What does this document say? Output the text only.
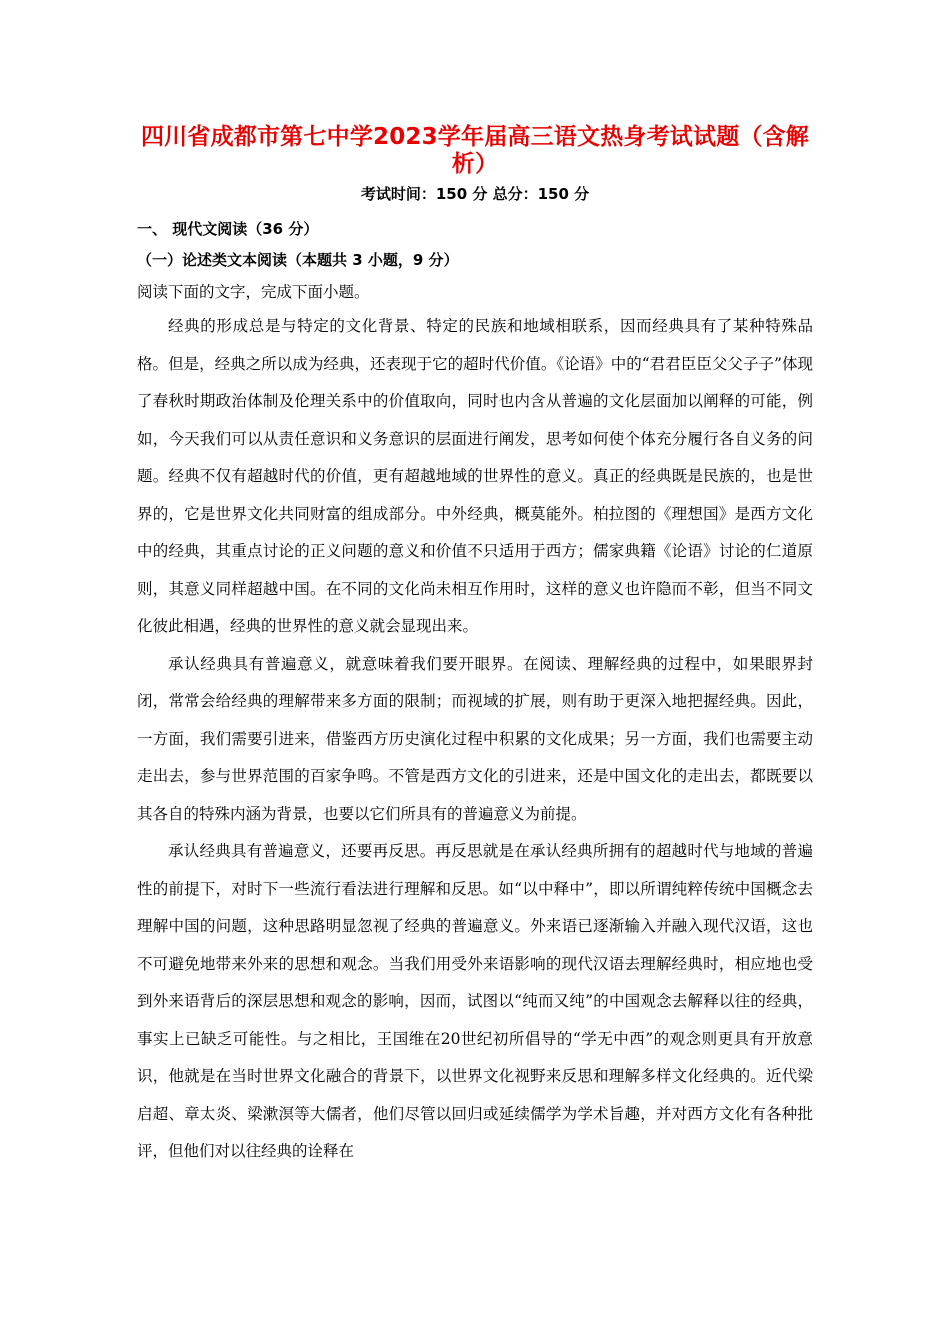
四川省成都市第七中学2023学年届高三语文热身考试试题（含解析）
考试时间：150 分 总分：150 分
一、 现代文阅读（36 分）
（一）论述类文本阅读（本题共 3 小题，9 分）
阅读下面的文字，完成下面小题。

经典的形成总是与特定的文化背景、特定的民族和地域相联系，因而经典具有了某种特殊品格。但是，经典之所以成为经典，还表现于它的超时代价值。《论语》中的“君君臣臣父父子子”体现了春秋时期政治体制及伦理关系中的价值取向，同时也内含从普遍的文化层面加以阐释的可能，例如，今天我们可以从责任意识和义务意识的层面进行阐发，思考如何使个体充分履行各自义务的问题。经典不仅有超越时代的价值，更有超越地域的世界性的意义。真正的经典既是民族的，也是世界的，它是世界文化共同财富的组成部分。中外经典，概莫能外。柏拉图的《理想国》是西方文化中的经典，其重点讨论的正义问题的意义和价值不只适用于西方；儒家典籍《论语》讨论的仁道原则，其意义同样超越中国。在不同的文化尚未相互作用时，这样的意义也许隐而不彰，但当不同文化彼此相遇，经典的世界性的意义就会显现出来。

承认经典具有普遍意义，就意味着我们要开眼界。在阅读、理解经典的过程中，如果眼界封闭，常常会给经典的理解带来多方面的限制；而视域的扩展，则有助于更深入地把握经典。因此，一方面，我们需要引进来，借鉴西方历史演化过程中积累的文化成果；另一方面，我们也需要主动走出去，参与世界范围的百家争鸣。不管是西方文化的引进来，还是中国文化的走出去，都既要以其各自的特殊内涵为背景，也要以它们所具有的普遍意义为前提。

承认经典具有普遍意义，还要再反思。再反思就是在承认经典所拥有的超越时代与地域的普遍性的前提下，对时下一些流行看法进行理解和反思。如“以中释中”，即以所谓纯粹传统中国概念去理解中国的问题，这种思路明显忽视了经典的普遍意义。外来语已逐渐输入并融入现代汉语，这也不可避免地带来外来的思想和观念。当我们用受外来语影响的现代汉语去理解经典时，相应地也受到外来语背后的深层思想和观念的影响，因而，试图以“纯而又纯”的中国观念去解释以往的经典，事实上已缺乏可能性。与之相比，王国维在20世纪初所倡导的“学无中西”的观念则更具有开放意识，他就是在当时世界文化融合的背景下，以世界文化视野来反思和理解多样文化经典的。近代梁启超、章太炎、梁漱溟等大儒者，他们尽管以回归或延续儒学为学术旨趣，并对西方文化有各种批评，但他们对以往经典的诠释在
